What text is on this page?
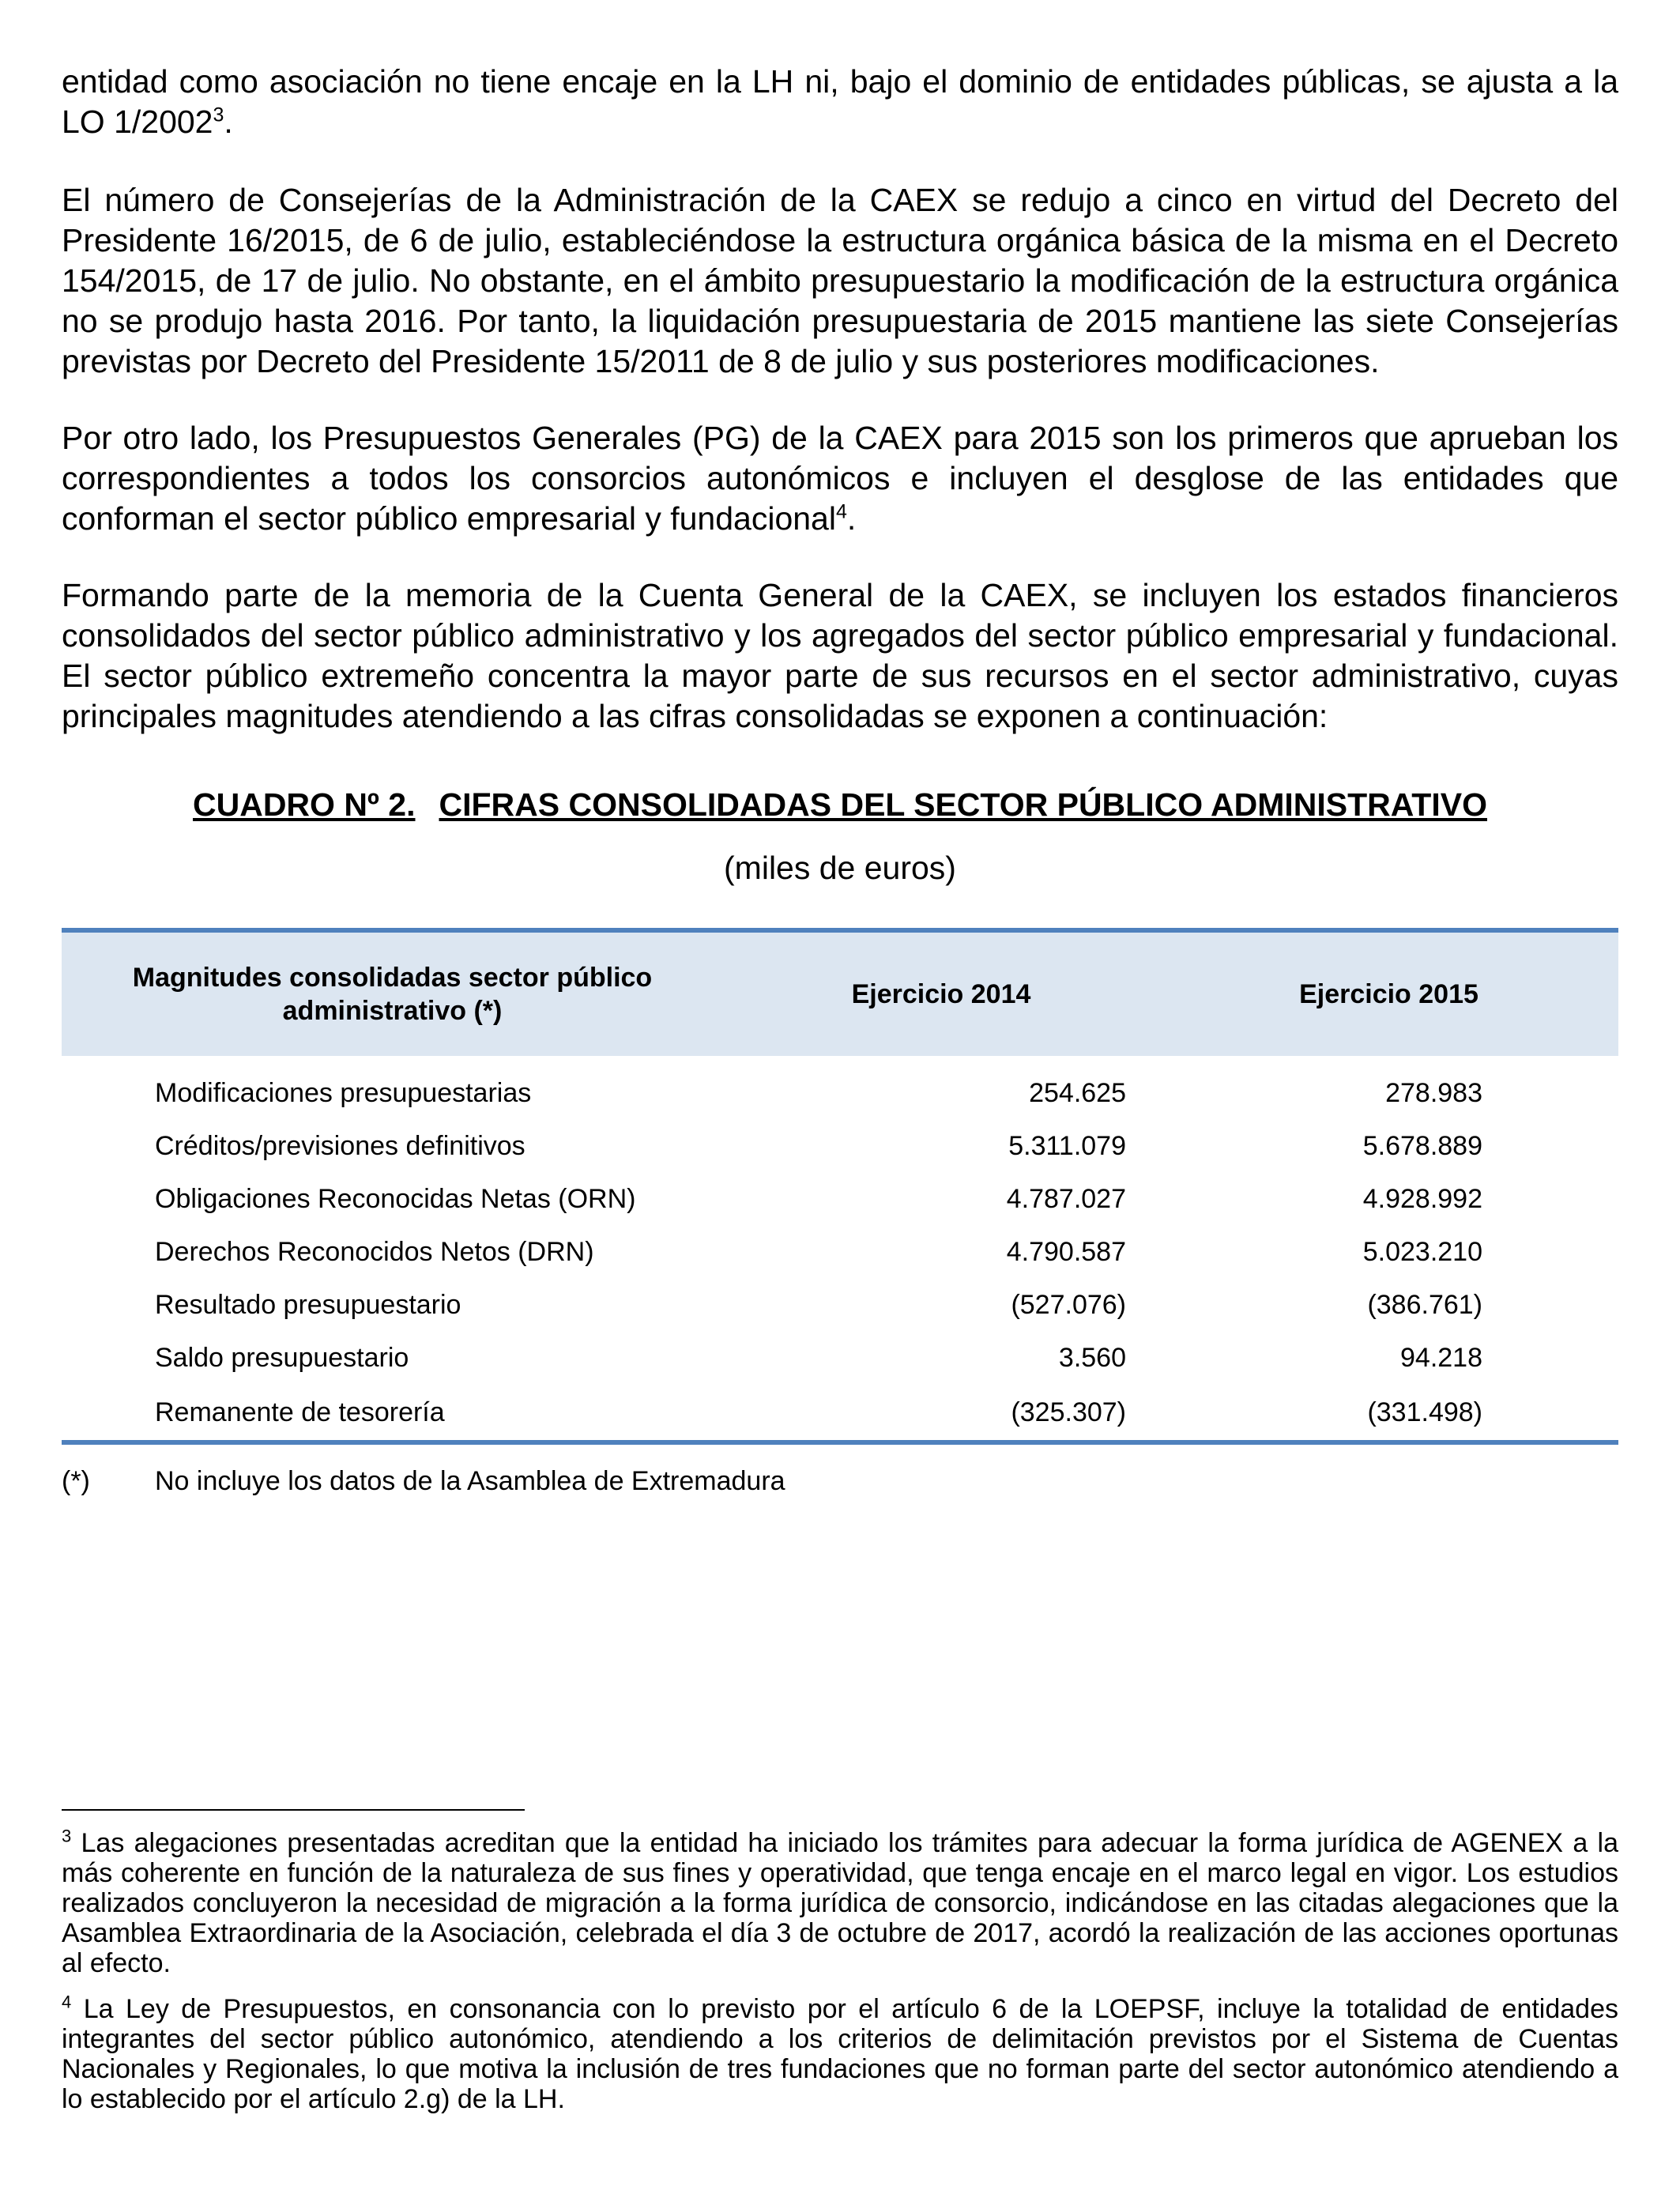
entidad como asociación no tiene encaje en la LH ni, bajo el dominio de entidades públicas, se ajusta a la LO 1/2002$^3$.

El número de Consejerías de la Administración de la CAEX se redujo a cinco en virtud del Decreto del Presidente 16/2015, de 6 de julio, estableciéndose la estructura orgánica básica de la misma en el Decreto 154/2015, de 17 de julio. No obstante, en el ámbito presupuestario la modificación de la estructura orgánica no se produjo hasta 2016. Por tanto, la liquidación presupuestaria de 2015 mantiene las siete Consejerías previstas por Decreto del Presidente 15/2011 de 8 de julio y sus posteriores modificaciones.

Por otro lado, los Presupuestos Generales (PG) de la CAEX para 2015 son los primeros que aprueban los correspondientes a todos los consorcios autonómicos e incluyen el desglose de las entidades que conforman el sector público empresarial y fundacional$^4$.

Formando parte de la memoria de la Cuenta General de la CAEX, se incluyen los estados financieros consolidados del sector público administrativo y los agregados del sector público empresarial y fundacional. El sector público extremeño concentra la mayor parte de sus recursos en el sector administrativo, cuyas principales magnitudes atendiendo a las cifras consolidadas se exponen a continuación:

CUADRO Nº 2. CIFRAS CONSOLIDADAS DEL SECTOR PÚBLICO ADMINISTRATIVO
(miles de euros)
Magnitudes consolidadas sector público administrativo (*)	Ejercicio 2014	Ejercicio 2015
Modificaciones presupuestarias	254.625	278.983
Créditos/previsiones definitivos	5.311.079	5.678.889
Obligaciones Reconocidas Netas (ORN)	4.787.027	4.928.992
Derechos Reconocidos Netos (DRN)	4.790.587	5.023.210
Resultado presupuestario	(527.076)	(386.761)
Saldo presupuestario	3.560	94.218
Remanente de tesorería	(325.307)	(331.498)
(*)	No incluye los datos de la Asamblea de Extremadura

$^3$ Las alegaciones presentadas acreditan que la entidad ha iniciado los trámites para adecuar la forma jurídica de AGENEX a la más coherente en función de la naturaleza de sus fines y operatividad, que tenga encaje en el marco legal en vigor. Los estudios realizados concluyeron la necesidad de migración a la forma jurídica de consorcio, indicándose en las citadas alegaciones que la Asamblea Extraordinaria de la Asociación, celebrada el día 3 de octubre de 2017, acordó la realización de las acciones oportunas al efecto.

$^4$ La Ley de Presupuestos, en consonancia con lo previsto por el artículo 6 de la LOEPSF, incluye la totalidad de entidades integrantes del sector público autonómico, atendiendo a los criterios de delimitación previstos por el Sistema de Cuentas Nacionales y Regionales, lo que motiva la inclusión de tres fundaciones que no forman parte del sector autonómico atendiendo a lo establecido por el artículo 2.g) de la LH.
